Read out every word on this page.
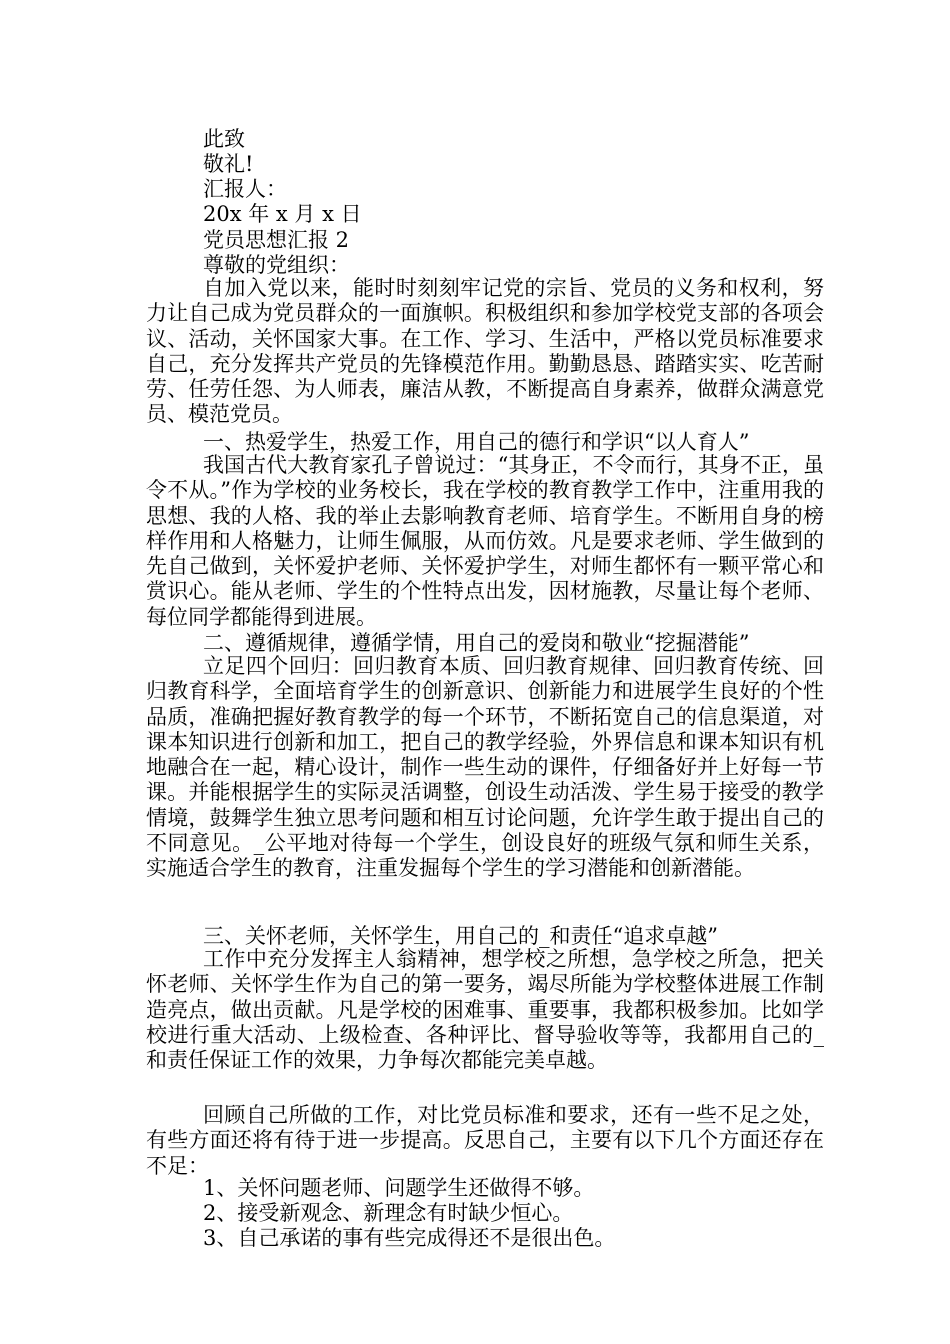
此致
敬礼!
汇报人：
20x 年 x 月 x 日
党员思想汇报 2
尊敬的党组织：
自加入党以来，能时时刻刻牢记党的宗旨、党员的义务和权利，努力让自己成为党员群众的一面旗帜。积极组织和参加学校党支部的各项会议、活动，关怀国家大事。在工作、学习、生活中，严格以党员标准要求自己，充分发挥共产党员的先锋模范作用。勤勤恳恳、踏踏实实、吃苦耐劳、任劳任怨、为人师表，廉洁从教，不断提高自身素养，做群众满意党员、模范党员。
一、热爱学生，热爱工作，用自己的德行和学识“以人育人”
我国古代大教育家孔子曾说过：“其身正，不令而行，其身不正，虽令不从。”作为学校的业务校长，我在学校的教育教学工作中，注重用我的思想、我的人格、我的举止去影响教育老师、培育学生。不断用自身的榜样作用和人格魅力，让师生佩服，从而仿效。凡是要求老师、学生做到的先自己做到，关怀爱护老师、关怀爱护学生，对师生都怀有一颗平常心和赏识心。能从老师、学生的个性特点出发，因材施教，尽量让每个老师、每位同学都能得到进展。
二、遵循规律，遵循学情，用自己的爱岗和敬业“挖掘潜能”
立足四个回归：回归教育本质、回归教育规律、回归教育传统、回归教育科学，全面培育学生的创新意识、创新能力和进展学生良好的个性品质，准确把握好教育教学的每一个环节，不断拓宽自己的信息渠道，对课本知识进行创新和加工，把自己的教学经验，外界信息和课本知识有机地融合在一起，精心设计，制作一些生动的课件，仔细备好并上好每一节课。并能根据学生的实际灵活调整，创设生动活泼、学生易于接受的教学情境，鼓舞学生独立思考问题和相互讨论问题，允许学生敢于提出自己的不同意见。_公平地对待每一个学生，创设良好的班级气氛和师生关系，实施适合学生的教育，注重发掘每个学生的学习潜能和创新潜能。
三、关怀老师，关怀学生，用自己的_和责任“追求卓越”
工作中充分发挥主人翁精神，想学校之所想，急学校之所急，把关怀老师、关怀学生作为自己的第一要务，竭尽所能为学校整体进展工作制造亮点，做出贡献。凡是学校的困难事、重要事，我都积极参加。比如学校进行重大活动、上级检查、各种评比、督导验收等等，我都用自己的_和责任保证工作的效果，力争每次都能完美卓越。
回顾自己所做的工作，对比党员标准和要求，还有一些不足之处，有些方面还将有待于进一步提高。反思自己，主要有以下几个方面还存在不足：
1、关怀问题老师、问题学生还做得不够。
2、接受新观念、新理念有时缺少恒心。
3、自己承诺的事有些完成得还不是很出色。
